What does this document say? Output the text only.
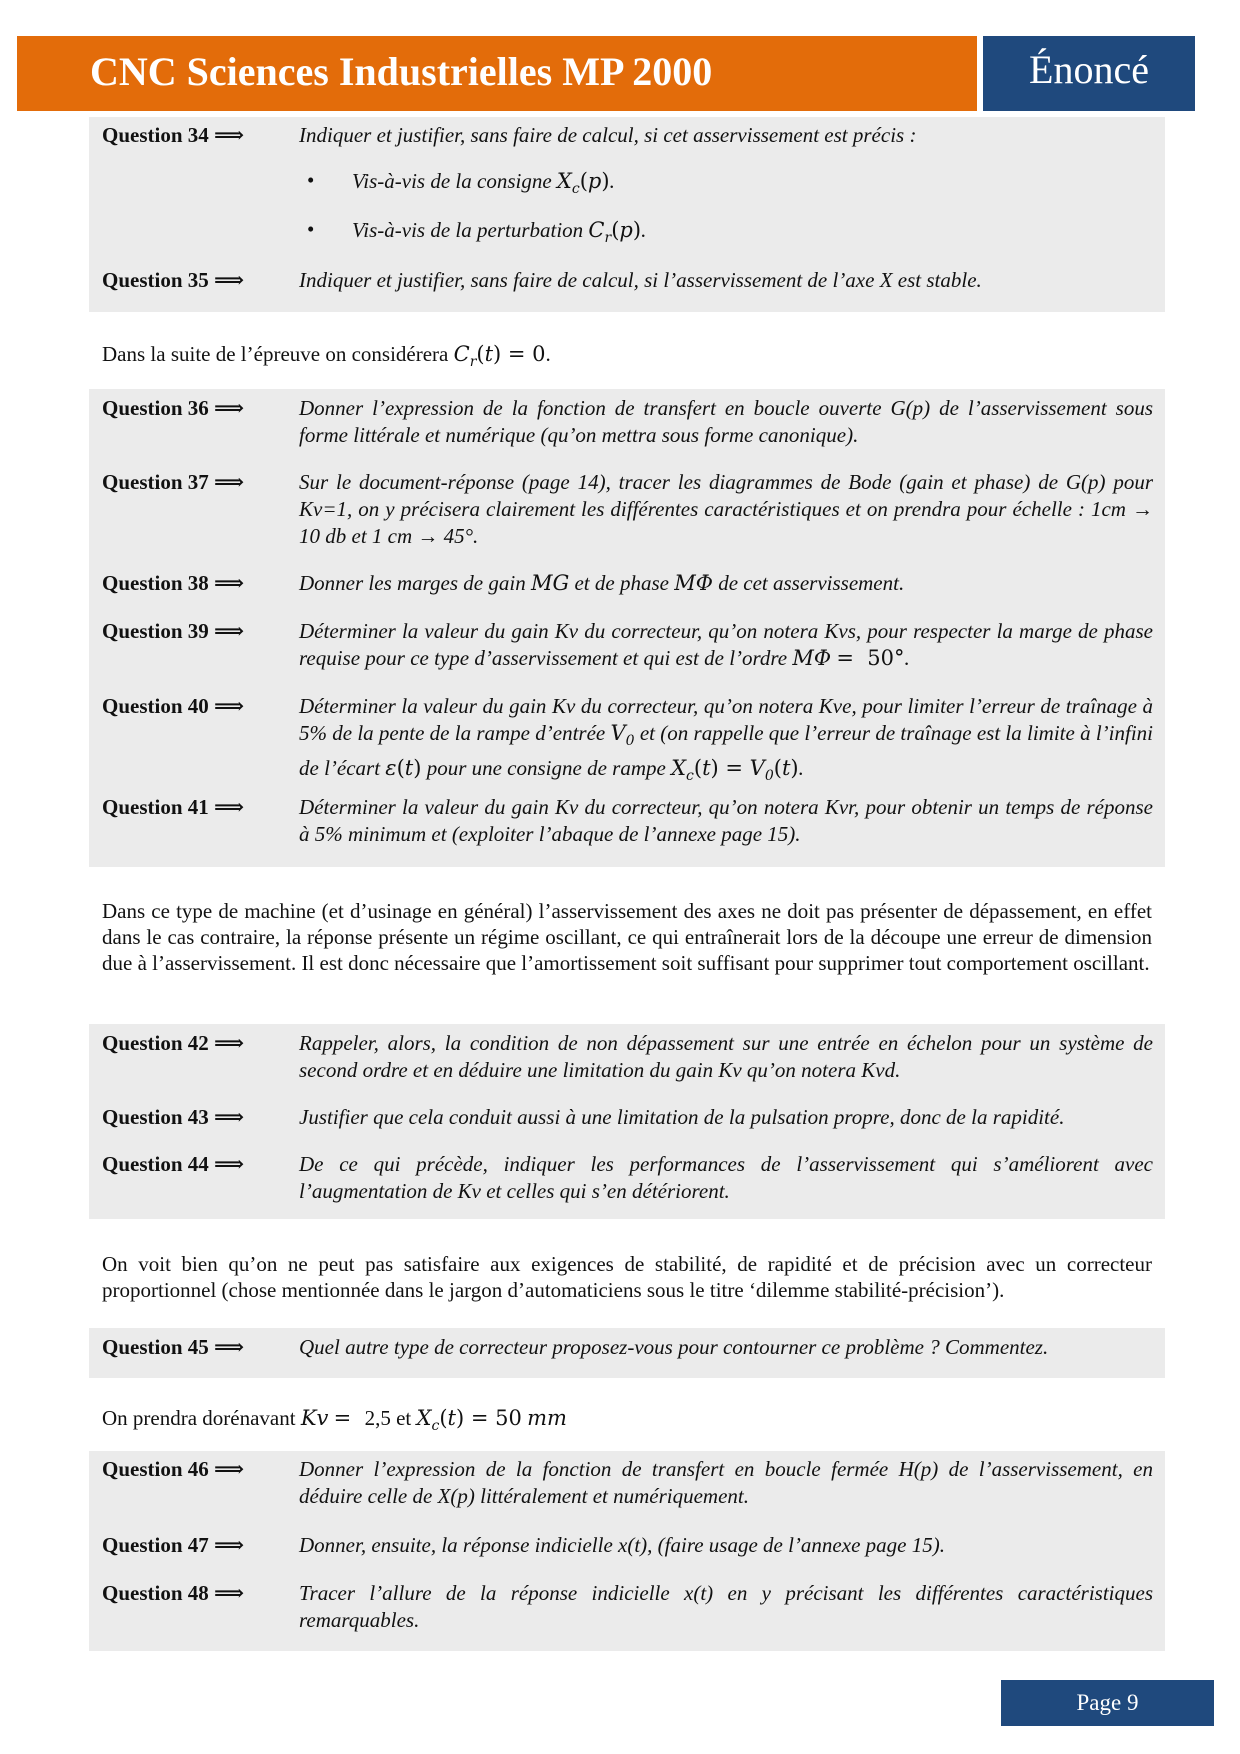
CNC Sciences Industrielles MP 2000	Énoncé
Question 34 ⟹	Indiquer et justifier, sans faire de calcul, si cet asservissement est précis :
• Vis-à-vis de la consigne $X_c(p)$.
• Vis-à-vis de la perturbation $C_r(p)$.
Question 35 ⟹	Indiquer et justifier, sans faire de calcul, si l’asservissement de l’axe X est stable.
Dans la suite de l’épreuve on considérera $C_r(t) = 0$.
Question 36 ⟹	Donner l’expression de la fonction de transfert en boucle ouverte G(p) de l’asservissement sous forme littérale et numérique (qu’on mettra sous forme canonique).
Question 37 ⟹	Sur le document-réponse (page 14), tracer les diagrammes de Bode (gain et phase) de G(p) pour Kv=1, on y précisera clairement les différentes caractéristiques et on prendra pour échelle : 1cm → 10 db et 1 cm → 45°.
Question 38 ⟹	Donner les marges de gain MG et de phase MΦ de cet asservissement.
Question 39 ⟹	Déterminer la valeur du gain Kv du correcteur, qu’on notera Kvs, pour respecter la marge de phase requise pour ce type d’asservissement et qui est de l’ordre MΦ =  50°.
Question 40 ⟹	Déterminer la valeur du gain Kv du correcteur, qu’on notera Kve, pour limiter l’erreur de traînage à 5% de la pente de la rampe d’entrée $V_0$ et (on rappelle que l’erreur de traînage est la limite à l’infini de l’écart ε(t) pour une consigne de rampe $X_c(t) = V_0(t)$.
Question 41 ⟹	Déterminer la valeur du gain Kv du correcteur, qu’on notera Kvr, pour obtenir un temps de réponse à 5% minimum et (exploiter l’abaque de l’annexe page 15).
Dans ce type de machine (et d’usinage en général) l’asservissement des axes ne doit pas présenter de dépassement, en effet dans le cas contraire, la réponse présente un régime oscillant, ce qui entraînerait lors de la découpe une erreur de dimension due à l’asservissement. Il est donc nécessaire que l’amortissement soit suffisant pour supprimer tout comportement oscillant.
Question 42 ⟹	Rappeler, alors, la condition de non dépassement sur une entrée en échelon pour un système de second ordre et en déduire une limitation du gain Kv qu’on notera Kvd.
Question 43 ⟹	Justifier que cela conduit aussi à une limitation de la pulsation propre, donc de la rapidité.
Question 44 ⟹	De ce qui précède, indiquer les performances de l’asservissement qui s’améliorent avec l’augmentation de Kv et celles qui s’en détériorent.
On voit bien qu’on ne peut pas satisfaire aux exigences de stabilité, de rapidité et de précision avec un correcteur proportionnel (chose mentionnée dans le jargon d’automaticiens sous le titre ‘dilemme stabilité-précision’).
Question 45 ⟹	Quel autre type de correcteur proposez-vous pour contourner ce problème ? Commentez.
On prendra dorénavant Kv =  2,5 et $X_c(t) = 50$ mm
Question 46 ⟹	Donner l’expression de la fonction de transfert en boucle fermée H(p) de l’asservissement, en déduire celle de X(p) littéralement et numériquement.
Question 47 ⟹	Donner, ensuite, la réponse indicielle x(t), (faire usage de l’annexe page 15).
Question 48 ⟹	Tracer l’allure de la réponse indicielle x(t) en y précisant les différentes caractéristiques remarquables.
Page 9
